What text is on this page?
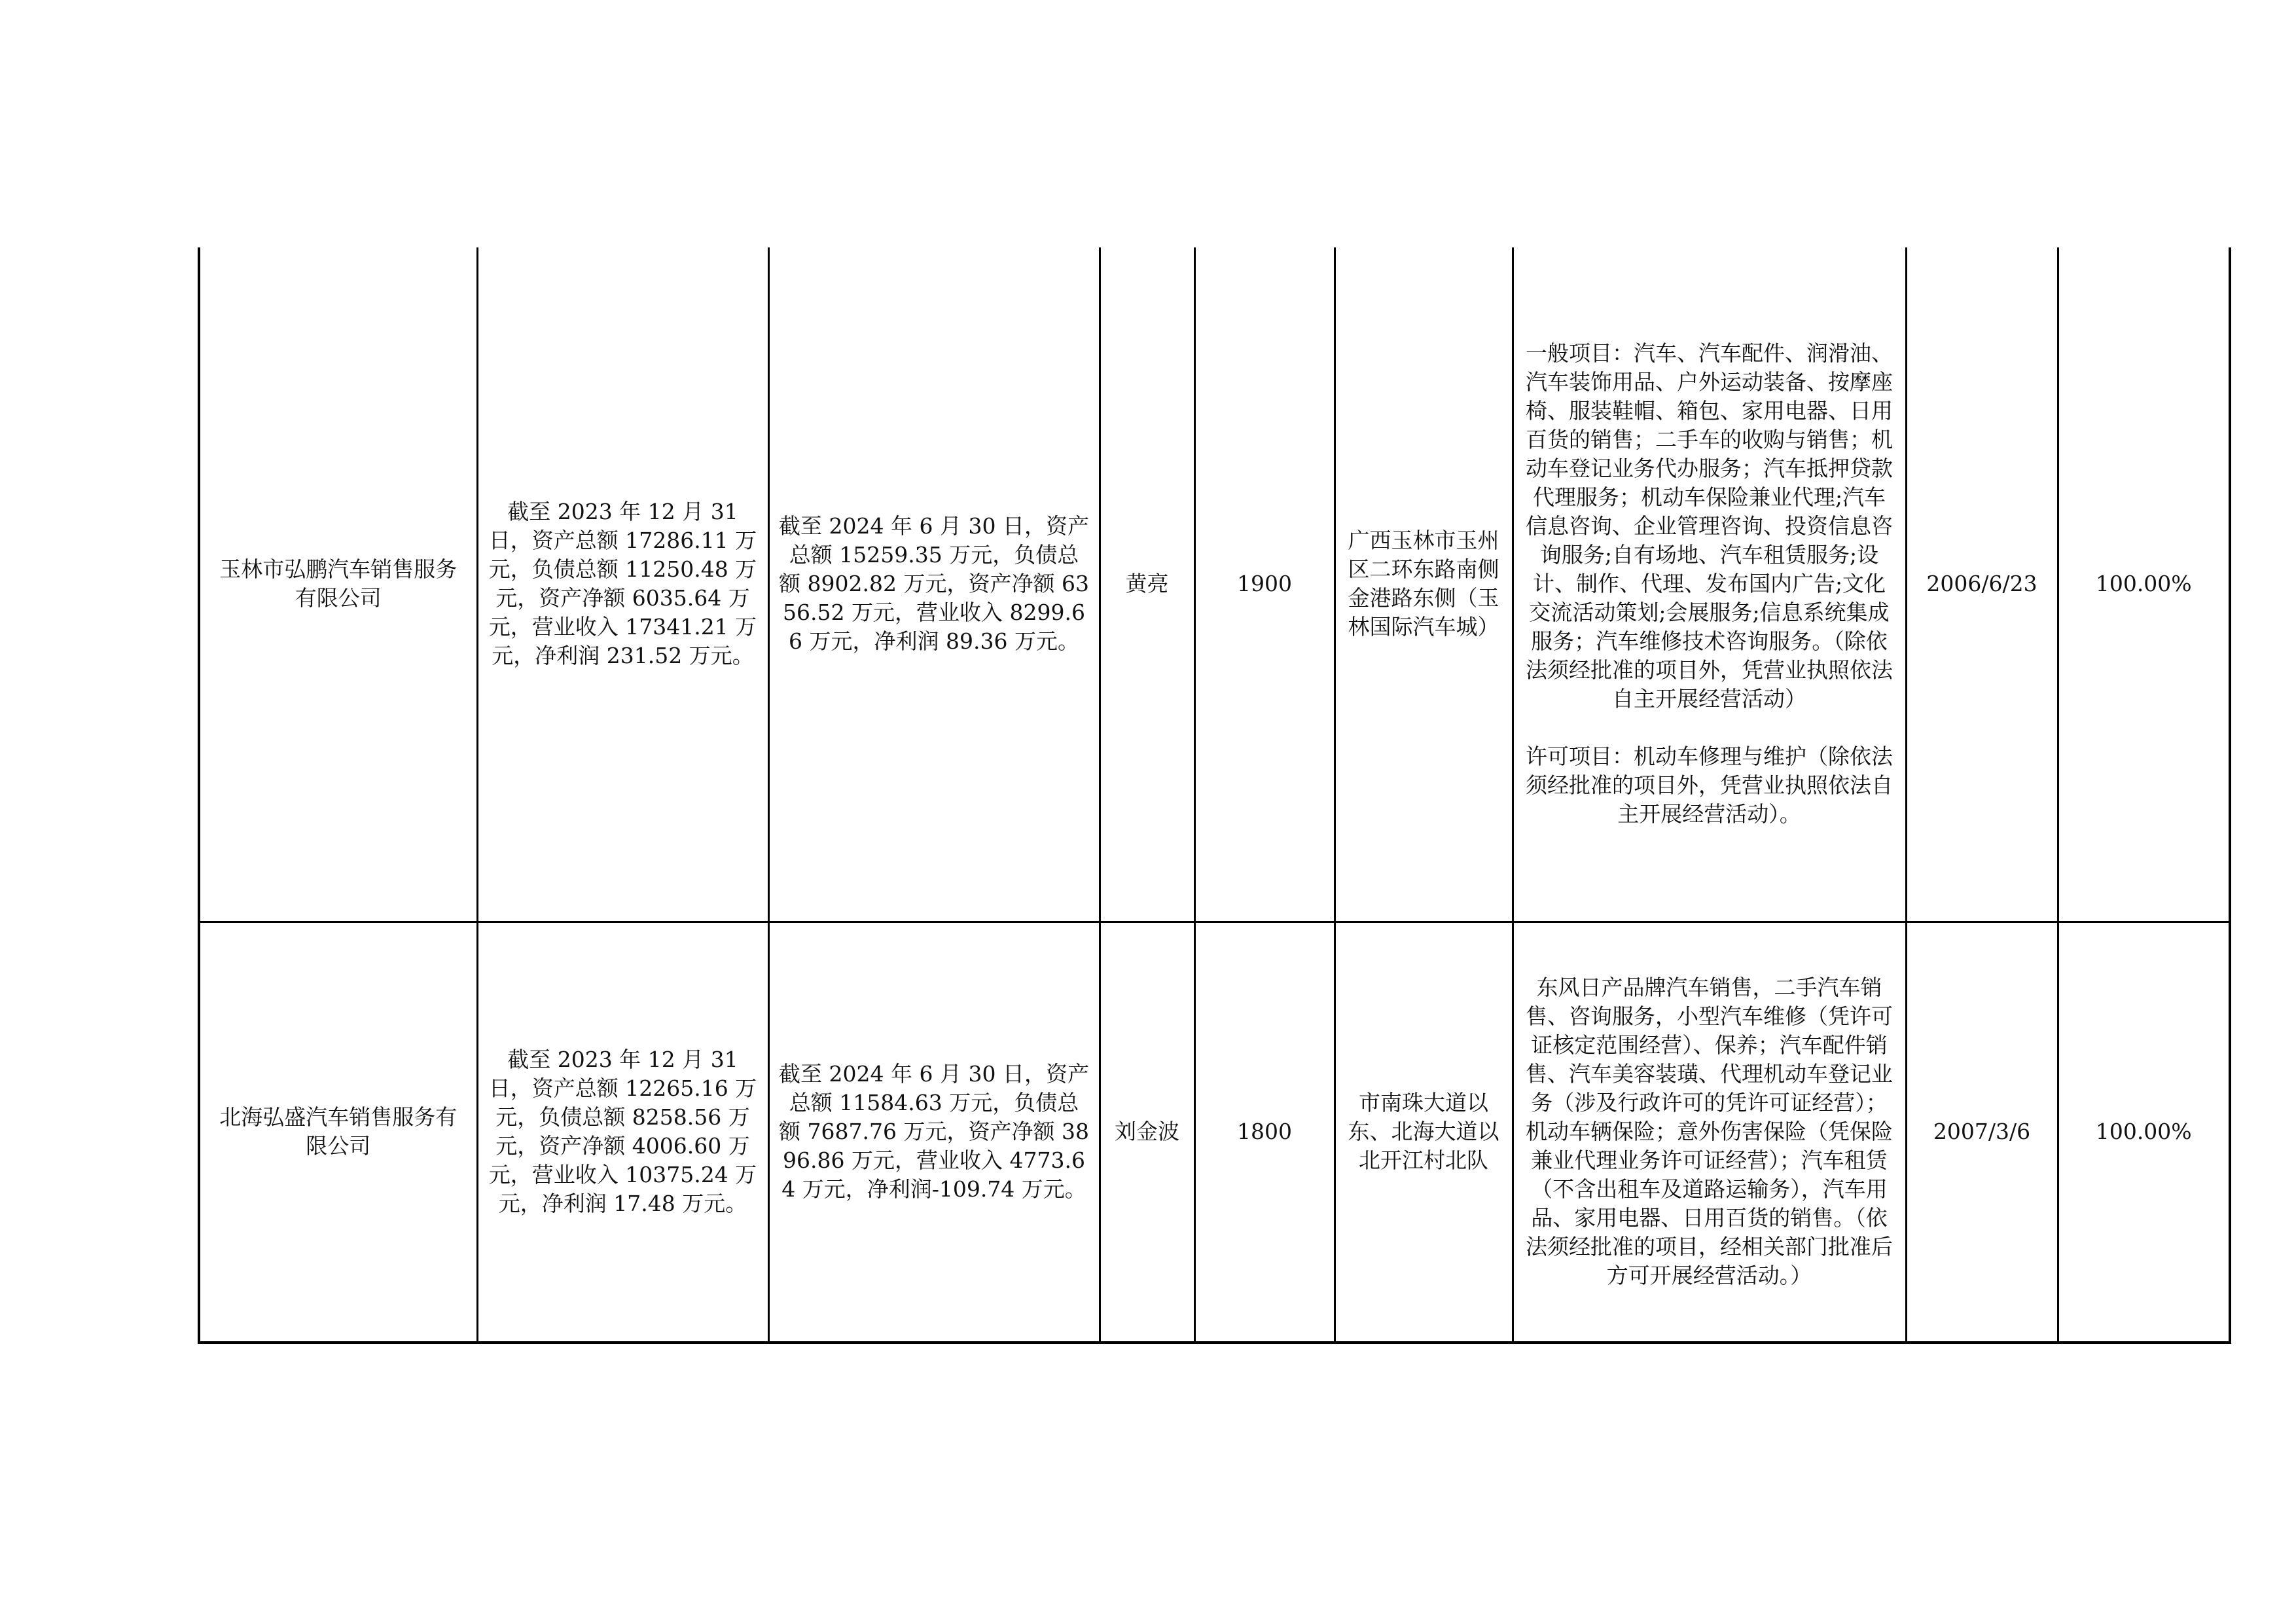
玉林市弘鹏汽车销售服务有限公司	截至 2023 年 12 月 31 日，资产总额 17286.11 万元，负债总额 11250.48 万元，资产净额 6035.64 万元，营业收入 17341.21 万元，净利润 231.52 万元。	截至 2024 年 6 月 30 日，资产总额 15259.35 万元，负债总额 8902.82 万元，资产净额 6356.52 万元，营业收入 8299.66 万元，净利润 89.36 万元。	黄亮	1900	广西玉林市玉州区二环东路南侧金港路东侧（玉林国际汽车城）	一般项目：汽车、汽车配件、润滑油、汽车装饰用品、户外运动装备、按摩座椅、服装鞋帽、箱包、家用电器、日用百货的销售；二手车的收购与销售；机动车登记业务代办服务；汽车抵押贷款代理服务；机动车保险兼业代理;汽车信息咨询、企业管理咨询、投资信息咨询服务;自有场地、汽车租赁服务;设计、制作、代理、发布国内广告;文化交流活动策划;会展服务;信息系统集成服务；汽车维修技术咨询服务。（除依法须经批准的项目外，凭营业执照依法自主开展经营活动）

许可项目：机动车修理与维护（除依法须经批准的项目外，凭营业执照依法自主开展经营活动）。	2006/6/23	100.00%
北海弘盛汽车销售服务有限公司	截至 2023 年 12 月 31 日，资产总额 12265.16 万元，负债总额 8258.56 万元，资产净额 4006.60 万元，营业收入 10375.24 万元，净利润 17.48 万元。	截至 2024 年 6 月 30 日，资产总额 11584.63 万元，负债总额 7687.76 万元，资产净额 3896.86 万元，营业收入 4773.64 万元，净利润-109.74 万元。	刘金波	1800	市南珠大道以东、北海大道以北开江村北队	东风日产品牌汽车销售，二手汽车销售、咨询服务，小型汽车维修（凭许可证核定范围经营）、保养；汽车配件销售、汽车美容装璜、代理机动车登记业务（涉及行政许可的凭许可证经营）；机动车辆保险；意外伤害保险（凭保险兼业代理业务许可证经营）；汽车租赁（不含出租车及道路运输务），汽车用品、家用电器、日用百货的销售。（依法须经批准的项目，经相关部门批准后方可开展经营活动。）	2007/3/6	100.00%
